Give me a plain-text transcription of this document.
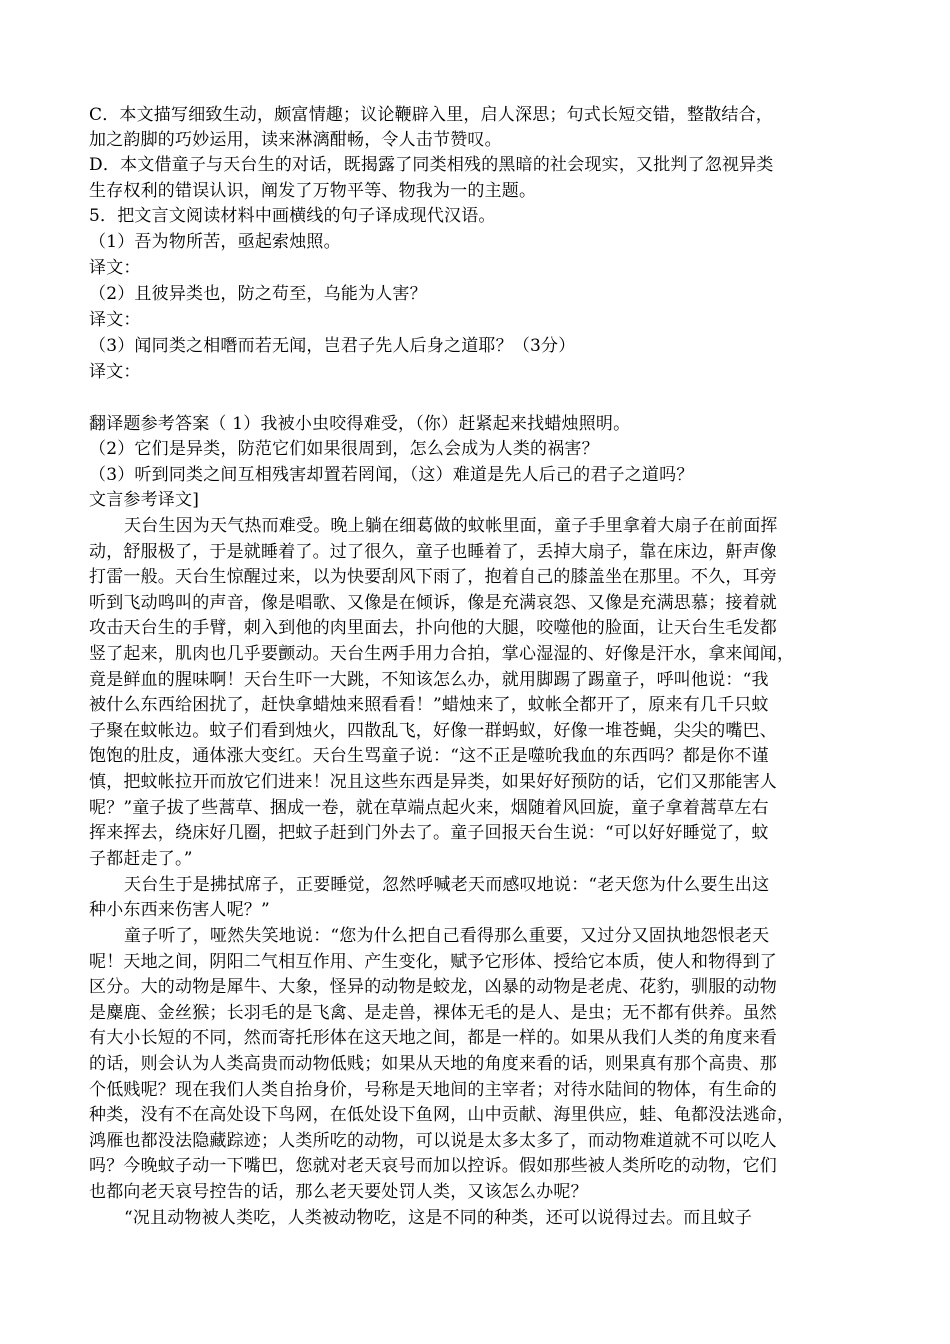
C．本文描写细致生动，颇富情趣；议论鞭辟入里，启人深思；句式长短交错，整散结合，
加之韵脚的巧妙运用，读来淋漓酣畅，令人击节赞叹。
D．本文借童子与天台生的对话，既揭露了同类相残的黑暗的社会现实，又批判了忽视异类
生存权利的错误认识，阐发了万物平等、物我为一的主题。
5．把文言文阅读材料中画横线的句子译成现代汉语。
（1）吾为物所苦，亟起索烛照。
译文：
（2）且彼异类也，防之苟至，乌能为人害？
译文：
（3）闻同类之相噆而若无闻，岂君子先人后身之道耶？（3分）
译文：
翻译题参考答案（ 1）我被小虫咬得难受，（你）赶紧起来找蜡烛照明。
（2）它们是异类，防范它们如果很周到，怎么会成为人类的祸害？
（3）听到同类之间互相残害却置若罔闻，（这）难道是先人后己的君子之道吗？
文言参考译文]
天台生因为天气热而难受。晚上躺在细葛做的蚊帐里面，童子手里拿着大扇子在前面挥
动，舒服极了，于是就睡着了。过了很久，童子也睡着了，丢掉大扇子，靠在床边，鼾声像
打雷一般。天台生惊醒过来，以为快要刮风下雨了，抱着自己的膝盖坐在那里。不久，耳旁
听到飞动鸣叫的声音，像是唱歌、又像是在倾诉，像是充满哀怨、又像是充满思慕；接着就
攻击天台生的手臂，刺入到他的肉里面去，扑向他的大腿，咬噬他的脸面，让天台生毛发都
竖了起来，肌肉也几乎要颤动。天台生两手用力合拍，掌心湿湿的、好像是汗水，拿来闻闻，
竟是鲜血的腥味啊！天台生吓一大跳，不知该怎么办，就用脚踢了踢童子，呼叫他说：“我
被什么东西给困扰了，赶快拿蜡烛来照看看！”蜡烛来了，蚊帐全都开了，原来有几千只蚊
子聚在蚊帐边。蚊子们看到烛火，四散乱飞，好像一群蚂蚁，好像一堆苍蝇，尖尖的嘴巴、
饱饱的肚皮，通体涨大变红。天台生骂童子说：“这不正是噬吮我血的东西吗？都是你不谨
慎，把蚊帐拉开而放它们进来！况且这些东西是异类，如果好好预防的话，它们又那能害人
呢？”童子拔了些蒿草、捆成一卷，就在草端点起火来，烟随着风回旋，童子拿着蒿草左右
挥来挥去，绕床好几圈，把蚊子赶到门外去了。童子回报天台生说：“可以好好睡觉了，蚊
子都赶走了。”
天台生于是拂拭席子，正要睡觉，忽然呼喊老天而感叹地说：“老天您为什么要生出这
种小东西来伤害人呢？”
童子听了，哑然失笑地说：“您为什么把自己看得那么重要，又过分又固执地怨恨老天
呢！天地之间，阴阳二气相互作用、产生变化，赋予它形体、授给它本质，使人和物得到了
区分。大的动物是犀牛、大象，怪异的动物是蛟龙，凶暴的动物是老虎、花豹，驯服的动物
是麋鹿、金丝猴；长羽毛的是飞禽、是走兽，裸体无毛的是人、是虫；无不都有供养。虽然
有大小长短的不同，然而寄托形体在这天地之间，都是一样的。如果从我们人类的角度来看
的话，则会认为人类高贵而动物低贱；如果从天地的角度来看的话，则果真有那个高贵、那
个低贱呢？现在我们人类自抬身价，号称是天地间的主宰者；对待水陆间的物体，有生命的
种类，没有不在高处设下鸟网，在低处设下鱼网，山中贡献、海里供应，蛙、龟都没法逃命，
鸿雁也都没法隐藏踪迹；人类所吃的动物，可以说是太多太多了，而动物难道就不可以吃人
吗？今晚蚊子动一下嘴巴，您就对老天哀号而加以控诉。假如那些被人类所吃的动物，它们
也都向老天哀号控告的话，那么老天要处罚人类，又该怎么办呢？
“况且动物被人类吃，人类被动物吃，这是不同的种类，还可以说得过去。而且蚊子
